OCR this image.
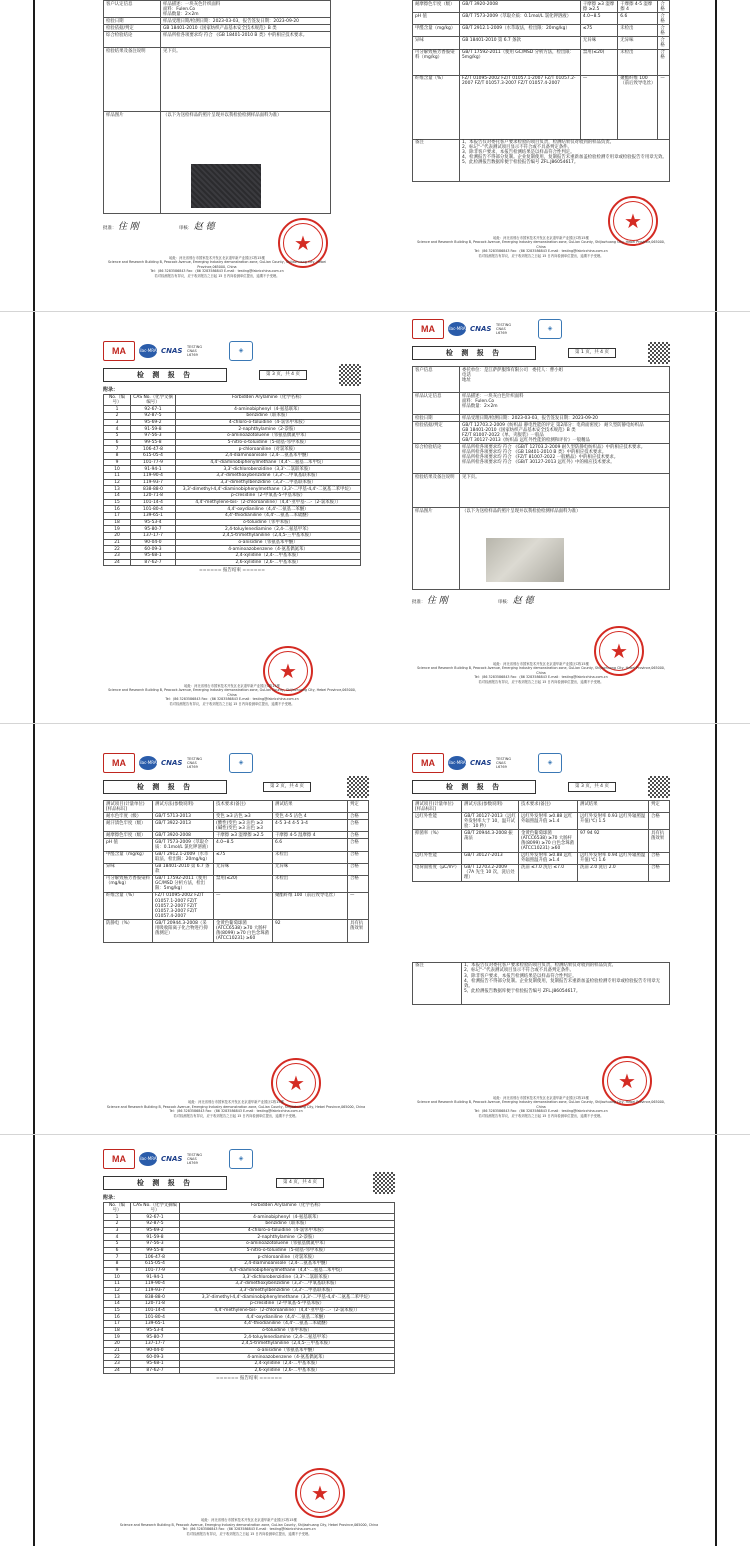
客户认定信息	样品描述：一块灰色针织面料
面料：Fulen.Co
样品数量：2×2m
检验日期	样品受理日期/检测日期：2023-03-03，报告签发日期：2023-09-20
检验依据/判定	GB 18401-2010《国家纺织产品基本安全技术规范》B 类
综合检验结论	样品所检各项要求均 符合 《GB 18401-2010 B 类》中的相应技术要求。
检验结果及备注说明	见下页。
样品图片	（以下为送检样品的照片呈现并以我检验检测样品面料为准）
批准： 住 刚	审核： 赵 德
★
地址：河北省邢台市国家技术开发区北京道华新产业园区C栋15楼
Science and Research Building B, Peacock Avenue, Emerging Industry demonstration zone, GuLian County, Shijiazhuang City, Hebei Province,065000, China
Tel：(86 3283586843 Fax：(86 3283586843 E-mail：testing@fabricchina.com.cn
若对检测报告有异议，应于收到报告之日起 15 日内向检测单位提出，逾期不予受理。
耐摩擦色牢度（级）	GB/T 3920-2008	干摩擦 ≥3 湿摩擦 ≥2.5	干摩擦 4-5 湿摩擦 4	合格
pH 值	GB/T 7573-2009（萃取介质：0.1mol/L 氯化钾溶液）	4.0~8.5	6.6	合格
甲醛含量（mg/kg）	GB/T 2912.1-2009（水萃取法，检出限：20mg/kg）	≤75	未检出	合格
异味	GB 18401-2010 第 6.7 条款	无异味	无异味	合格
可分解致癌芳香胺染料（mg/kg）	GB/T 17592-2011（使用 GC/MSD 分析方法，检出限：5mg/kg）	禁用(≤20)	未检出	合格
纤维含量（%）	FZ/T 01095-2002 FZ/T 01057.1-2007 FZ/T 01057.2-2007 FZ/T 01057.3-2007 FZ/T 01057.4-2007	—	聚酯纤维 100（前后致导电丝）	—
备注	1、本报告仅对委托客户要求检验的项目负责，检测结果仅对收到的样品负责。
2、标记“-”代表测试项目显示不符合或不具备判定条件。
3、除非客户要求，本报告检测结果是以样品符合性判定。
4、检测报告不得部分复制。企业复制使用，复制报告未重新加盖检验检测专用章或检验报告专用章无效。
5、此检测报告数据库便于检验报告编号 ZFL.J86054617。			
★
地址：河北省邢台市国家技术开发区北京道华新产业园区C栋15楼
Science and Research Building B, Peacock Avenue, Emerging Industry demonstration zone, GuLian County, Shijiazhuang City, Hebei Province,065000, China
Tel：(86 3283586843 Fax：(86 3283586843 E-mail：testing@fabricchina.com.cn
若对检测报告有异议，应于收到报告之日起 15 日内向检测单位提出，逾期不予受理。
MA	ilac-MRA CNAS TESTING CNAS L6769
◈
检 测 报 告	第 3 页，共 4 页
附录：
No.（编号）	CAS No.（化学文摘编号）	Forbidden Arylamine（化学名称）
1	92-67-1	4-aminobiphenyl（4-氨基联苯）
2	92-87-5	benzidine（联苯胺）
3	95-69-2	4-chloro-o-toluidine（4-氯邻甲苯胺）
4	91-59-8	2-naphthylamine（2-萘胺）
5	97-56-3	o-aminoazotoluene（邻氨基偶氮甲苯）
6	99-55-8	5-nitro-o-toluidine（5-硝基-邻甲苯胺）
7	106-47-8	p-chloroaniline（对氯苯胺）
8	615-05-4	2,4-diaminoanisole（2,4-二氨基苯甲醚）
9	101-77-9	4,4'-diaminobiphenylmethane（4,4'-二氨基二苯甲烷）
10	91-94-1	3,3'-dichlorobenzidine（3,3'-二氯联苯胺）
11	119-90-4	3,3'-dimethoxybenzidine（3,3'-二甲氧基联苯胺）
12	119-93-7	3,3'-dimethylbenzidine（3,3'-二甲基联苯胺）
13	838-88-0	3,3'-dimethyl-4,4'-diaminobiphenylmethane（3,3'-二甲基-4,4'-二氨基二苯甲烷）
14	120-71-8	p-cresidine（2-甲氧基-5-甲基苯胺）
15	101-14-4	4,4'-methylene-bis-（2-chloroaniline）（4,4'-亚甲基-二-（2-氯苯胺））
16	101-80-4	4,4'-oxydianiline（4,4'-二氨基二苯醚）
17	139-65-1	4,4'-thiodianiline（4,4'-二氨基二苯硫醚）
18	95-53-4	o-toluidine（邻甲苯胺）
19	95-80-7	2,4-toluylenediamine（2,4-二氨基甲苯）
20	137-17-7	2,4,5-trimethylaniline（2,4,5-三甲基苯胺）
21	90-04-0	o-anisidine（邻氨基苯甲醚）
22	60-09-3	4-aminoazobenzene（4-氨基偶氮苯）
23	95-68-1	2,4-xylidine（2,4-二甲基苯胺）
24	87-62-7	2,6-xylidine（2,6-二甲基苯胺）
====== 报告结束 ======
★
地址：河北省邢台市国家技术开发区北京道华新产业园区C栋15楼
Science and Research Building B, Peacock Avenue, Emerging Industry demonstration zone, GuLian County, Shijiazhuang City, Hebei Province,065000, China
Tel：(86 3283586843 Fax：(86 3283586843 E-mail：testing@fabricchina.com.cn
若对检测报告有异议，应于收到报告之日起 15 日内向检测单位提出，逾期不予受理。
MA	ilac-MRA CNAS TESTING CNAS L6769
◈
检 测 报 告	第 1 页，共 4 页
客户信息	委托单位：是江萨萨服饰有限公司 委托人：曹小姐
电话
地址
样品认定信息	样品描述：一块灰白色针织面料
面料：Fulen.Co
样品数量：2×2m
检验日期	样品受理日期/检测日期：2023-03-03，报告签发日期：2023-09-20
检验依据/判定	GB/T 12703.2-2009《纺织品 静电性能的评定 第2部分：电荷面密度》 耐久型防静电纺织品
GB 18401-2010《国家纺织产品基本安全技术规范》B 类
FZ/T 81007-2022《单、夹服装》一般品
GB/T 30127-2013《纺织品 远红外性能的检测和评价》一般精品

综合检验结论	样品所检各项要求均 符合 《GB/T 12703.2-2009 耐久型防静电纺织品》中的相应技术要求。
样品所检各项要求均 符合 《GB 18401-2010 B 类》中的相应技术要求。
样品所检各项要求均 符合 《FZ/T 81007-2022 一般精品》中的相应技术要求。
样品所检各项要求均 符合 《GB/T 30127-2013 远红外》中的相应技术要求。

检验结果及备注说明	见下页。
样品图片	（以下为送检样品的照片呈现并以我检验检测样品面料为准）
批准： 住 刚	审核： 赵 德
★
地址：河北省邢台市国家技术开发区北京道华新产业园区C栋15楼
Science and Research Building B, Peacock Avenue, Emerging Industry demonstration zone, GuLian County, Shijiazhuang City, Hebei Province,065000, China
Tel：(86 3283586843 Fax：(86 3283586843 E-mail：testing@fabricchina.com.cn
若对检测报告有异议，应于收到报告之日起 15 日内向检测单位提出，逾期不予受理。
MA	ilac-MRA CNAS TESTING CNAS L6769
◈
检 测 报 告	第 2 页，共 4 页
测试项目(计量单位)[样品标识]	测试方法(参数说明)	技术要求(备注)	测试结果	判定
耐水色牢度（级）	GB/T 5713-2013	变色 ≥3 沾色 ≥3	变色 4-5 沾色 4	合格
耐汗渍色牢度（级）	GB/T 3922-2013	(酸性)变色 ≥3 沾色 ≥3 (碱性)变色 ≥3 沾色 ≥3	4-5 3-4 4-5 3-4	合格
耐摩擦色牢度（级）	GB/T 3920-2008	干摩擦 ≥3 湿摩擦 ≥2.5	干摩擦 4-5 湿摩擦 4	合格
pH 值	GB/T 7573-2009（萃取介质：0.1mol/L 氯化钾溶液）	4.0~8.5	6.6	合格
甲醛含量（mg/kg）	GB/T 2912.1-2009（水萃取法，检出限：20mg/kg）	≤75	未检出	合格
异味	GB 18401-2010 第 6.7 条款	无异味	无异味	合格
可分解致癌芳香胺染料（mg/kg）	GB/T 17592-2011（使用 GC/MSD 分析方法，检出限：5mg/kg）	禁用(≤20)	未检出	合格
纤维含量（%）	FZ/T 01095-2002 FZ/T 01057.1-2007 FZ/T 01057.2-2007 FZ/T 01057.3-2007 FZ/T 01057.4-2007	—	聚酯纤维 100（前后致导电丝）	—
防静电（%）	GB/T 20944.3-2008（采用吸收阳离子化合物进行抑菌测定）	金黄色葡萄球菌(ATCC6538) ≥70 大肠杆菌(8099) ≥70 白色念珠菌(ATCC10231) ≥60	92	具有抗菌效果
★
地址：河北省邢台市国家技术开发区北京道华新产业园区C栋15楼
Science and Research Building B, Peacock Avenue, Emerging Industry demonstration zone, GuLian County, Shijiazhuang City, Hebei Province,065000, China
Tel：(86 3283586843 Fax：(86 3283586843 E-mail：testing@fabricchina.com.cn
若对检测报告有异议，应于收到报告之日起 15 日内向检测单位提出，逾期不予受理。
MA	ilac-MRA CNAS TESTING CNAS L6769
◈
检 测 报 告	第 3 页，共 4 页
测试项目(计量单位)[样品标识]	测试方法(参数说明)	技术要求(备注)	测试结果	判定
远红外性能	GB/T 30127-2013（远红外发射率大于 10，温升试验：10 秒）	远红外发射率 ≥0.88 远红外辐照温升值 ≥1.4	远红外发射率 0.93 远红外辐照温升值(℃) 1.5	合格
抑菌率（%）	GB/T 20944.3-2008 振荡法	金黄色葡萄球菌(ATCC6538) ≥70 大肠杆菌(8099) ≥70 白色念珠菌(ATCC10231) ≥60	97 94 92	具有抗菌效果
远红外性能	GB/T 30127-2013	远红外发射率 ≥0.88 远红外辐照温升值 ≥1.4	远红外发射率 0.94 远红外辐照温升值(℃) 1.6	合格
电荷面密度（μC/m²）	GB/T 12703.2-2009（7A 先生 10 次，洗后处理）	洗前 ≤7.0 洗后 ≤7.0	洗前 2.0 洗后 2.0	合格
备注	1、本报告仅对委托客户要求检验的项目负责，检测结果仅对收到的样品负责。
2、标记“-”代表测试项目显示不符合或不具备判定条件。
3、除非客户要求，本报告检测结果是以样品符合性判定。
4、检测报告不得部分复制。企业复制使用，复制报告未重新加盖检验检测专用章或检验报告专用章无效。
5、此检测报告数据库便于检验报告编号 ZFL.J86054617。
★
地址：河北省邢台市国家技术开发区北京道华新产业园区C栋15楼
Science and Research Building B, Peacock Avenue, Emerging Industry demonstration zone, GuLian County, Shijiazhuang City, Hebei Province,065000, China
Tel：(86 3283586843 Fax：(86 3283586843 E-mail：testing@fabricchina.com.cn
若对检测报告有异议，应于收到报告之日起 15 日内向检测单位提出，逾期不予受理。
MA	ilac-MRA CNAS TESTING CNAS L6769
◈
检 测 报 告	第 4 页，共 4 页
附录：
No.（编号）	CAS No.（化学文摘编号）	Forbidden Arylamine（化学名称）
1	92-67-1	4-aminobiphenyl（4-氨基联苯）
2	92-87-5	benzidine（联苯胺）
3	95-69-2	4-chloro-o-toluidine（4-氯邻甲苯胺）
4	91-59-8	2-naphthylamine（2-萘胺）
5	97-56-3	o-aminoazotoluene（邻氨基偶氮甲苯）
6	99-55-8	5-nitro-o-toluidine（5-硝基-邻甲苯胺）
7	106-47-8	p-chloroaniline（对氯苯胺）
8	615-05-4	2,4-diaminoanisole（2,4-二氨基苯甲醚）
9	101-77-9	4,4'-diaminobiphenylmethane（4,4'-二氨基二苯甲烷）
10	91-94-1	3,3'-dichlorobenzidine（3,3'-二氯联苯胺）
11	119-90-4	3,3'-dimethoxybenzidine（3,3'-二甲氧基联苯胺）
12	119-93-7	3,3'-dimethylbenzidine（3,3'-二甲基联苯胺）
13	838-88-0	3,3'-dimethyl-4,4'-diaminobiphenylmethane（3,3'-二甲基-4,4'-二氨基二苯甲烷）
14	120-71-8	p-cresidine（2-甲氧基-5-甲基苯胺）
15	101-14-4	4,4'-methylene-bis-（2-chloroaniline）（4,4'-亚甲基-二-（2-氯苯胺））
16	101-80-4	4,4'-oxydianiline（4,4'-二氨基二苯醚）
17	139-65-1	4,4'-thiodianiline（4,4'-二氨基二苯硫醚）
18	95-53-4	o-toluidine（邻甲苯胺）
19	95-80-7	2,4-toluylenediamine（2,4-二氨基甲苯）
20	137-17-7	2,4,5-trimethylaniline（2,4,5-三甲基苯胺）
21	90-04-0	o-anisidine（邻氨基苯甲醚）
22	60-09-3	4-aminoazobenzene（4-氨基偶氮苯）
23	95-68-1	2,4-xylidine（2,4-二甲基苯胺）
24	87-62-7	2,6-xylidine（2,6-二甲基苯胺）
====== 报告结束 ======
★
地址：河北省邢台市国家技术开发区北京道华新产业园区C栋15楼
Science and Research Building B, Peacock Avenue, Emerging Industry demonstration zone, GuLian County, Shijiazhuang City, Hebei Province,065000, China
Tel：(86 3283586843 Fax：(86 3283586843 E-mail：testing@fabricchina.com.cn
若对检测报告有异议，应于收到报告之日起 15 日内向检测单位提出，逾期不予受理。
